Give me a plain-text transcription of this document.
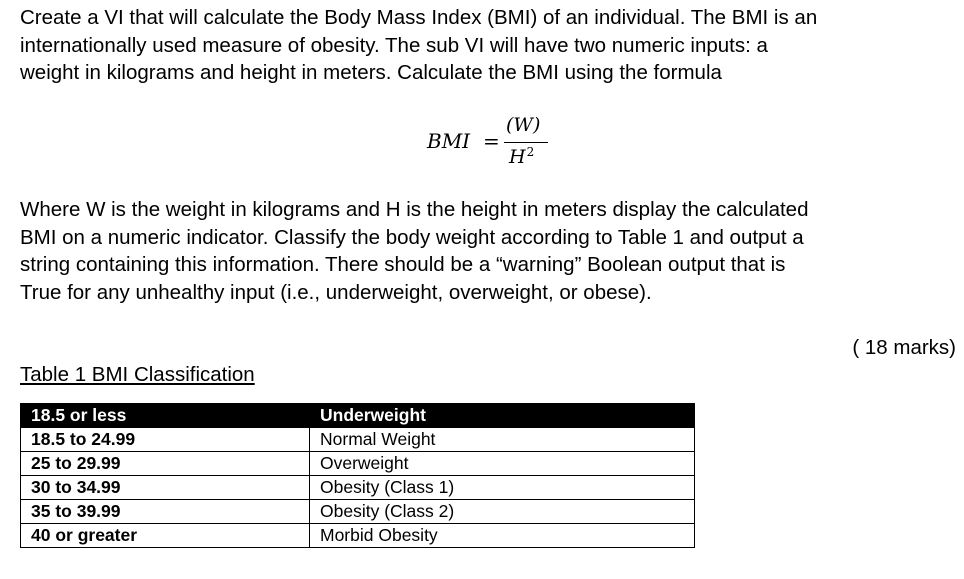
Create a VI that will calculate the Body Mass Index (BMI) of an individual. The BMI is an
internationally used measure of obesity. The sub VI will have two numeric inputs: a
weight in kilograms and height in meters. Calculate the BMI using the formula
BMI =
(W)
$H^2$
Where W is the weight in kilograms and H is the height in meters display the calculated
BMI on a numeric indicator. Classify the body weight according to Table 1 and output a
string containing this information. There should be a “warning” Boolean output that is
True for any unhealthy input (i.e., underweight, overweight, or obese).
( 18 marks)
Table 1 BMI Classification
18.5 or less	Underweight
18.5 to 24.99	Normal Weight
25 to 29.99	Overweight
30 to 34.99	Obesity (Class 1)
35 to 39.99	Obesity (Class 2)
40 or greater	Morbid Obesity
